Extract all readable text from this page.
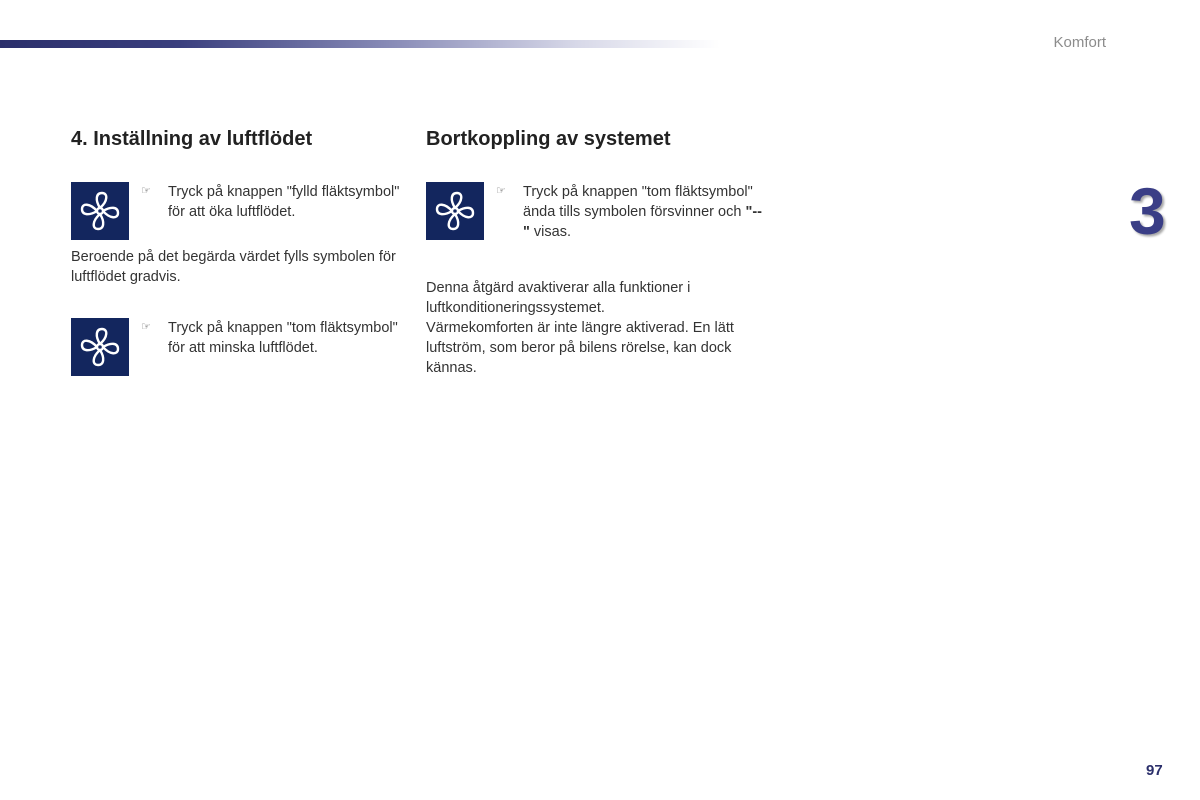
Komfort
3
4. Inställning av luftflödet
☞ Tryck på knappen "fylld fläktsymbol" för att öka luftflödet.
Beroende på det begärda värdet fylls symbolen för luftflödet gradvis.
☞ Tryck på knappen "tom fläktsymbol" för att minska luftflödet.
Bortkoppling av systemet
☞ Tryck på knappen "tom fläktsymbol" ända tills symbolen försvinner och "--" visas.
Denna åtgärd avaktiverar alla funktioner i luftkonditioneringssystemet.
Värmekomforten är inte längre aktiverad. En lätt luftström, som beror på bilens rörelse, kan dock kännas.
97
